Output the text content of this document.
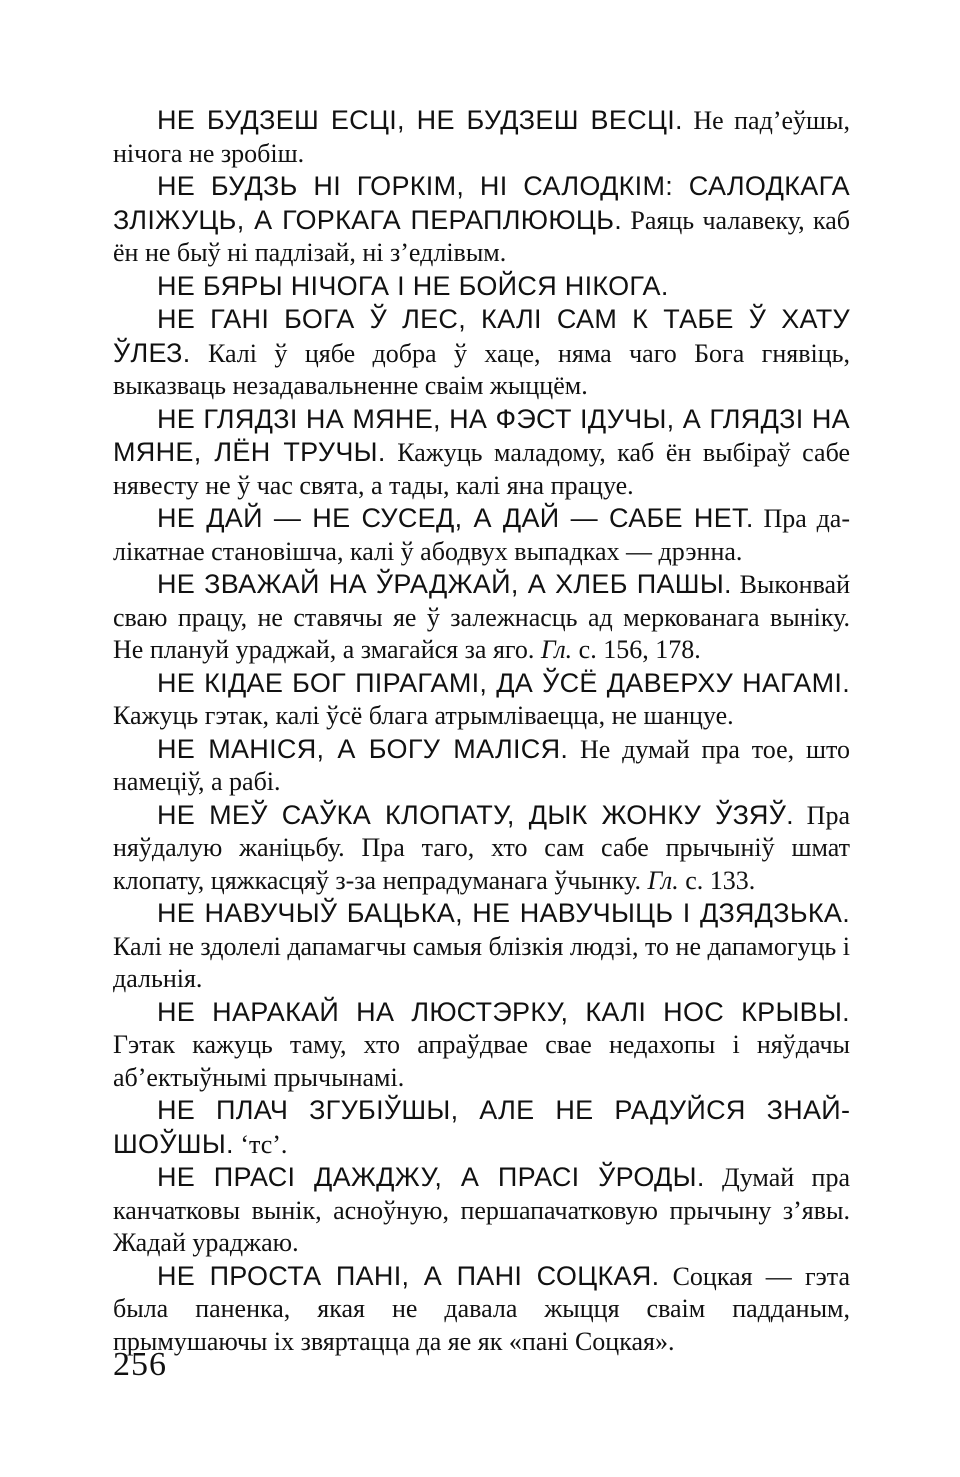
НЕ БУДЗЕШ ЕСЦІ, НЕ БУДЗЕШ ВЕСЦІ. Не пад’еўшы, нічога не зробіш.

НЕ БУДЗЬ НІ ГОРКІМ, НІ САЛОДКІМ: САЛОДКАГА ЗЛІЖУЦЬ, А ГОРКАГА ПЕРАПЛЮЮЦЬ. Раяць чалавеку, каб ён не быў ні падлізай, ні з’едлівым.

НЕ БЯРЫ НІЧОГА І НЕ БОЙСЯ НІКОГА.

НЕ ГАНІ БОГА Ў ЛЕС, КАЛІ САМ К ТАБЕ Ў ХАТУ ЎЛЕЗ. Калі ў цябе добра ў хаце, няма чаго Бога гнявіць, выказваць незадавальненне сваім жыццём.

НЕ ГЛЯДЗІ НА МЯНЕ, НА ФЭСТ ІДУЧЫ, А ГЛЯДЗІ НА МЯНЕ, ЛЁН ТРУЧЫ. Кажуць маладому, каб ён выбіраў сабе нявесту не ў час свята, а тады, калі яна працуе.

НЕ ДАЙ — НЕ СУСЕД, А ДАЙ — САБЕ НЕТ. Пра далікатнае становішча, калі ў абодвух выпадках — дрэнна.

НЕ ЗВАЖАЙ НА ЎРАДЖАЙ, А ХЛЕБ ПАШЫ. Выконвай сваю працу, не ставячы яе ў залежнасць ад меркованага выніку. Не плануй ураджай, а змагайся за яго. Гл. с. 156, 178.

НЕ КІДАЕ БОГ ПІРАГАМІ, ДА ЎСЁ ДАВЕРХУ НАГАМІ. Кажуць гэтак, калі ўсё блага атрымліваецца, не шанцуе.

НЕ МАНІСЯ, А БОГУ МАЛІСЯ. Не думай пра тое, што намеціў, а рабі.

НЕ МЕЎ САЎКА КЛОПАТУ, ДЫК ЖОНКУ ЎЗЯЎ. Пра няўдалую жаніцьбу. Пра таго, хто сам сабе прычыніў шмат клопату, цяжкасцяў з-за непрадуманага ўчынку. Гл. с. 133.

НЕ НАВУЧЫЎ БАЦЬКА, НЕ НАВУЧЫЦЬ І ДЗЯДЗЬКА. Калі не здолелі дапамагчы самыя блізкія людзі, то не дапамогуць і дальнія.

НЕ НАРАКАЙ НА ЛЮСТЭРКУ, КАЛІ НОС КРЫВЫ. Гэтак кажуць таму, хто апраўдвае свае недахопы і няўдачы аб’ектыўнымі прычынамі.

НЕ ПЛАЧ ЗГУБІЎШЫ, АЛЕ НЕ РАДУЙСЯ ЗНАЙШОЎШЫ. ‘тс’.

НЕ ПРАСІ ДАЖДЖУ, А ПРАСІ ЎРОДЫ. Думай пра канчатковы вынік, асноўную, першапачатковую прычыну з’явы. Жадай ураджаю.

НЕ ПРОСТА ПАНІ, А ПАНІ СОЦКАЯ. Соцкая — гэта была паненка, якая не давала жыцця сваім падданым, прымушаючы іх звяртацца да яе як «пані Соцкая».

256
